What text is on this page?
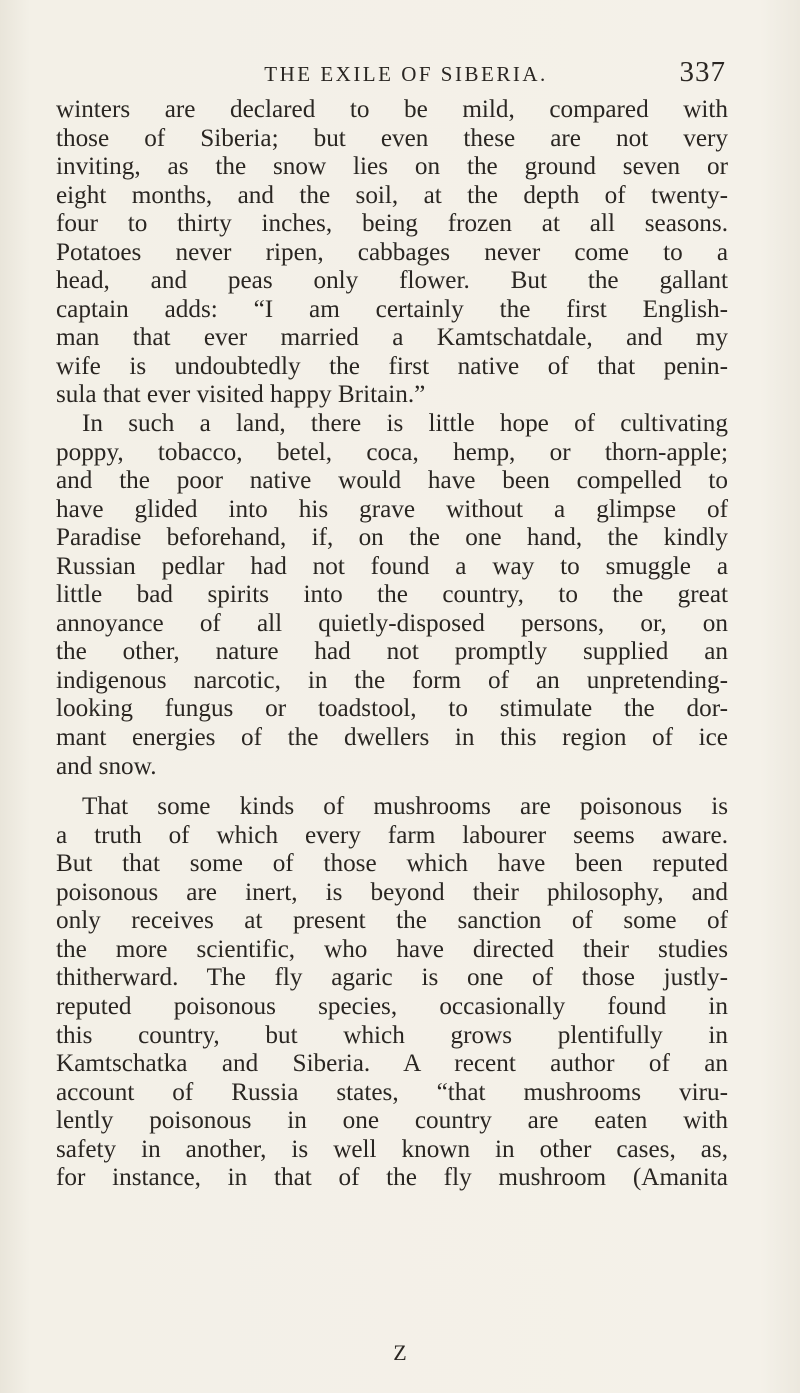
THE EXILE OF SIBERIA.	337
winters are declared to be mild, compared with
those of Siberia; but even these are not very
inviting, as the snow lies on the ground seven or
eight months, and the soil, at the depth of twenty-
four to thirty inches, being frozen at all seasons.
Potatoes never ripen, cabbages never come to a
head, and peas only flower. But the gallant
captain adds: “I am certainly the first English-
man that ever married a Kamtschatdale, and my
wife is undoubtedly the first native of that penin-
sula that ever visited happy Britain.”
In such a land, there is little hope of cultivating
poppy, tobacco, betel, coca, hemp, or thorn-apple;
and the poor native would have been compelled to
have glided into his grave without a glimpse of
Paradise beforehand, if, on the one hand, the kindly
Russian pedlar had not found a way to smuggle a
little bad spirits into the country, to the great
annoyance of all quietly-disposed persons, or, on
the other, nature had not promptly supplied an
indigenous narcotic, in the form of an unpretending-
looking fungus or toadstool, to stimulate the dor-
mant energies of the dwellers in this region of ice
and snow.
That some kinds of mushrooms are poisonous is
a truth of which every farm labourer seems aware.
But that some of those which have been reputed
poisonous are inert, is beyond their philosophy, and
only receives at present the sanction of some of
the more scientific, who have directed their studies
thitherward. The fly agaric is one of those justly-
reputed poisonous species, occasionally found in
this country, but which grows plentifully in
Kamtschatka and Siberia. A recent author of an
account of Russia states, “that mushrooms viru-
lently poisonous in one country are eaten with
safety in another, is well known in other cases, as,
for instance, in that of the fly mushroom (Amanita
Z
